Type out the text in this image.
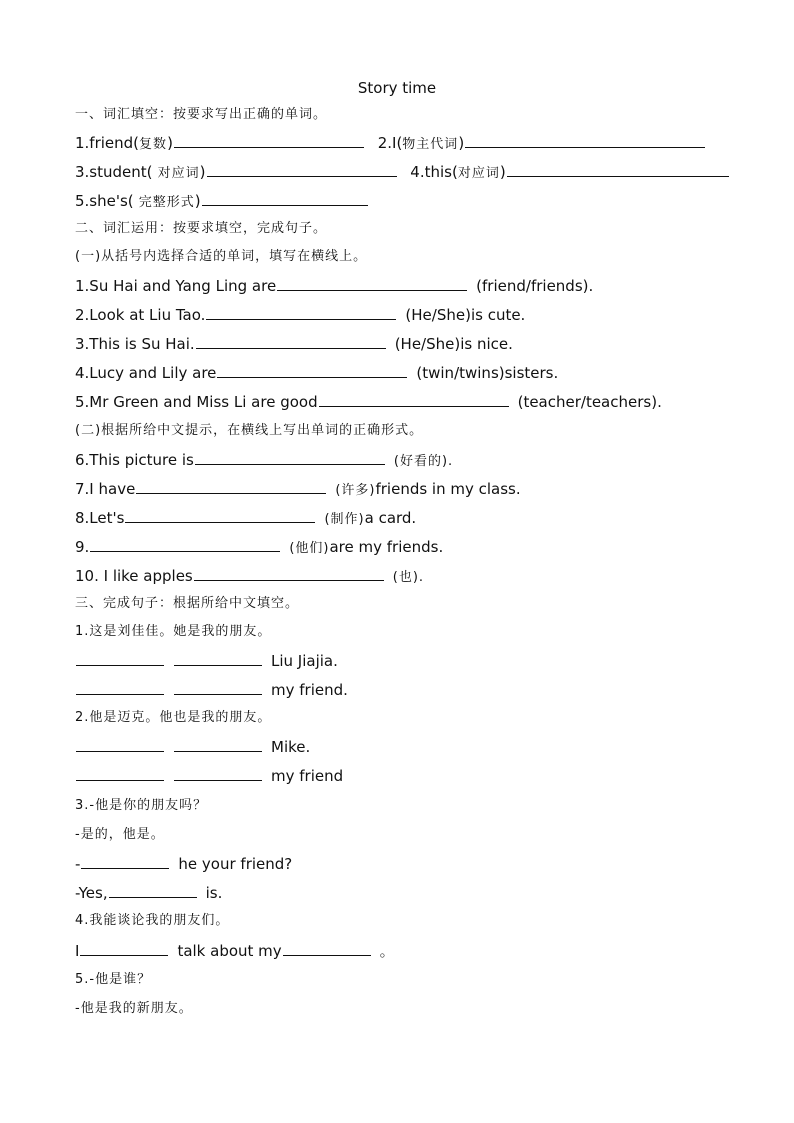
Story time
一、词汇填空：按要求写出正确的单词。
1.friend(复数)	2.I(物主代词)
3.student( 对应词)	4.this(对应词)
5.she's( 完整形式)
二、词汇运用：按要求填空，完成句子。
(一)从括号内选择合适的单词，填写在横线上。
1.Su Hai and Yang Ling are	(friend/friends).
2.Look at Liu Tao.	(He/She)is cute.
3.This is Su Hai.	(He/She)is nice.
4.Lucy and Lily are	(twin/twins)sisters.
5.Mr Green and Miss Li are good	(teacher/teachers).
(二)根据所给中文提示，在横线上写出单词的正确形式。
6.This picture is	(好看的).
7.I have	(许多)friends in my class.
8.Let's	(制作)a card.
9.	(他们)are my friends.
10. I like apples	(也).
三、完成句子：根据所给中文填空。
1.这是刘佳佳。她是我的朋友。
Liu Jiajia.
my friend.
2.他是迈克。他也是我的朋友。
Mike.
my friend
3.-他是你的朋友吗？
-是的，他是。
-	he your friend?
-Yes,	is.
4.我能谈论我的朋友们。
I	talk about my	。
5.-他是谁？
-他是我的新朋友。
